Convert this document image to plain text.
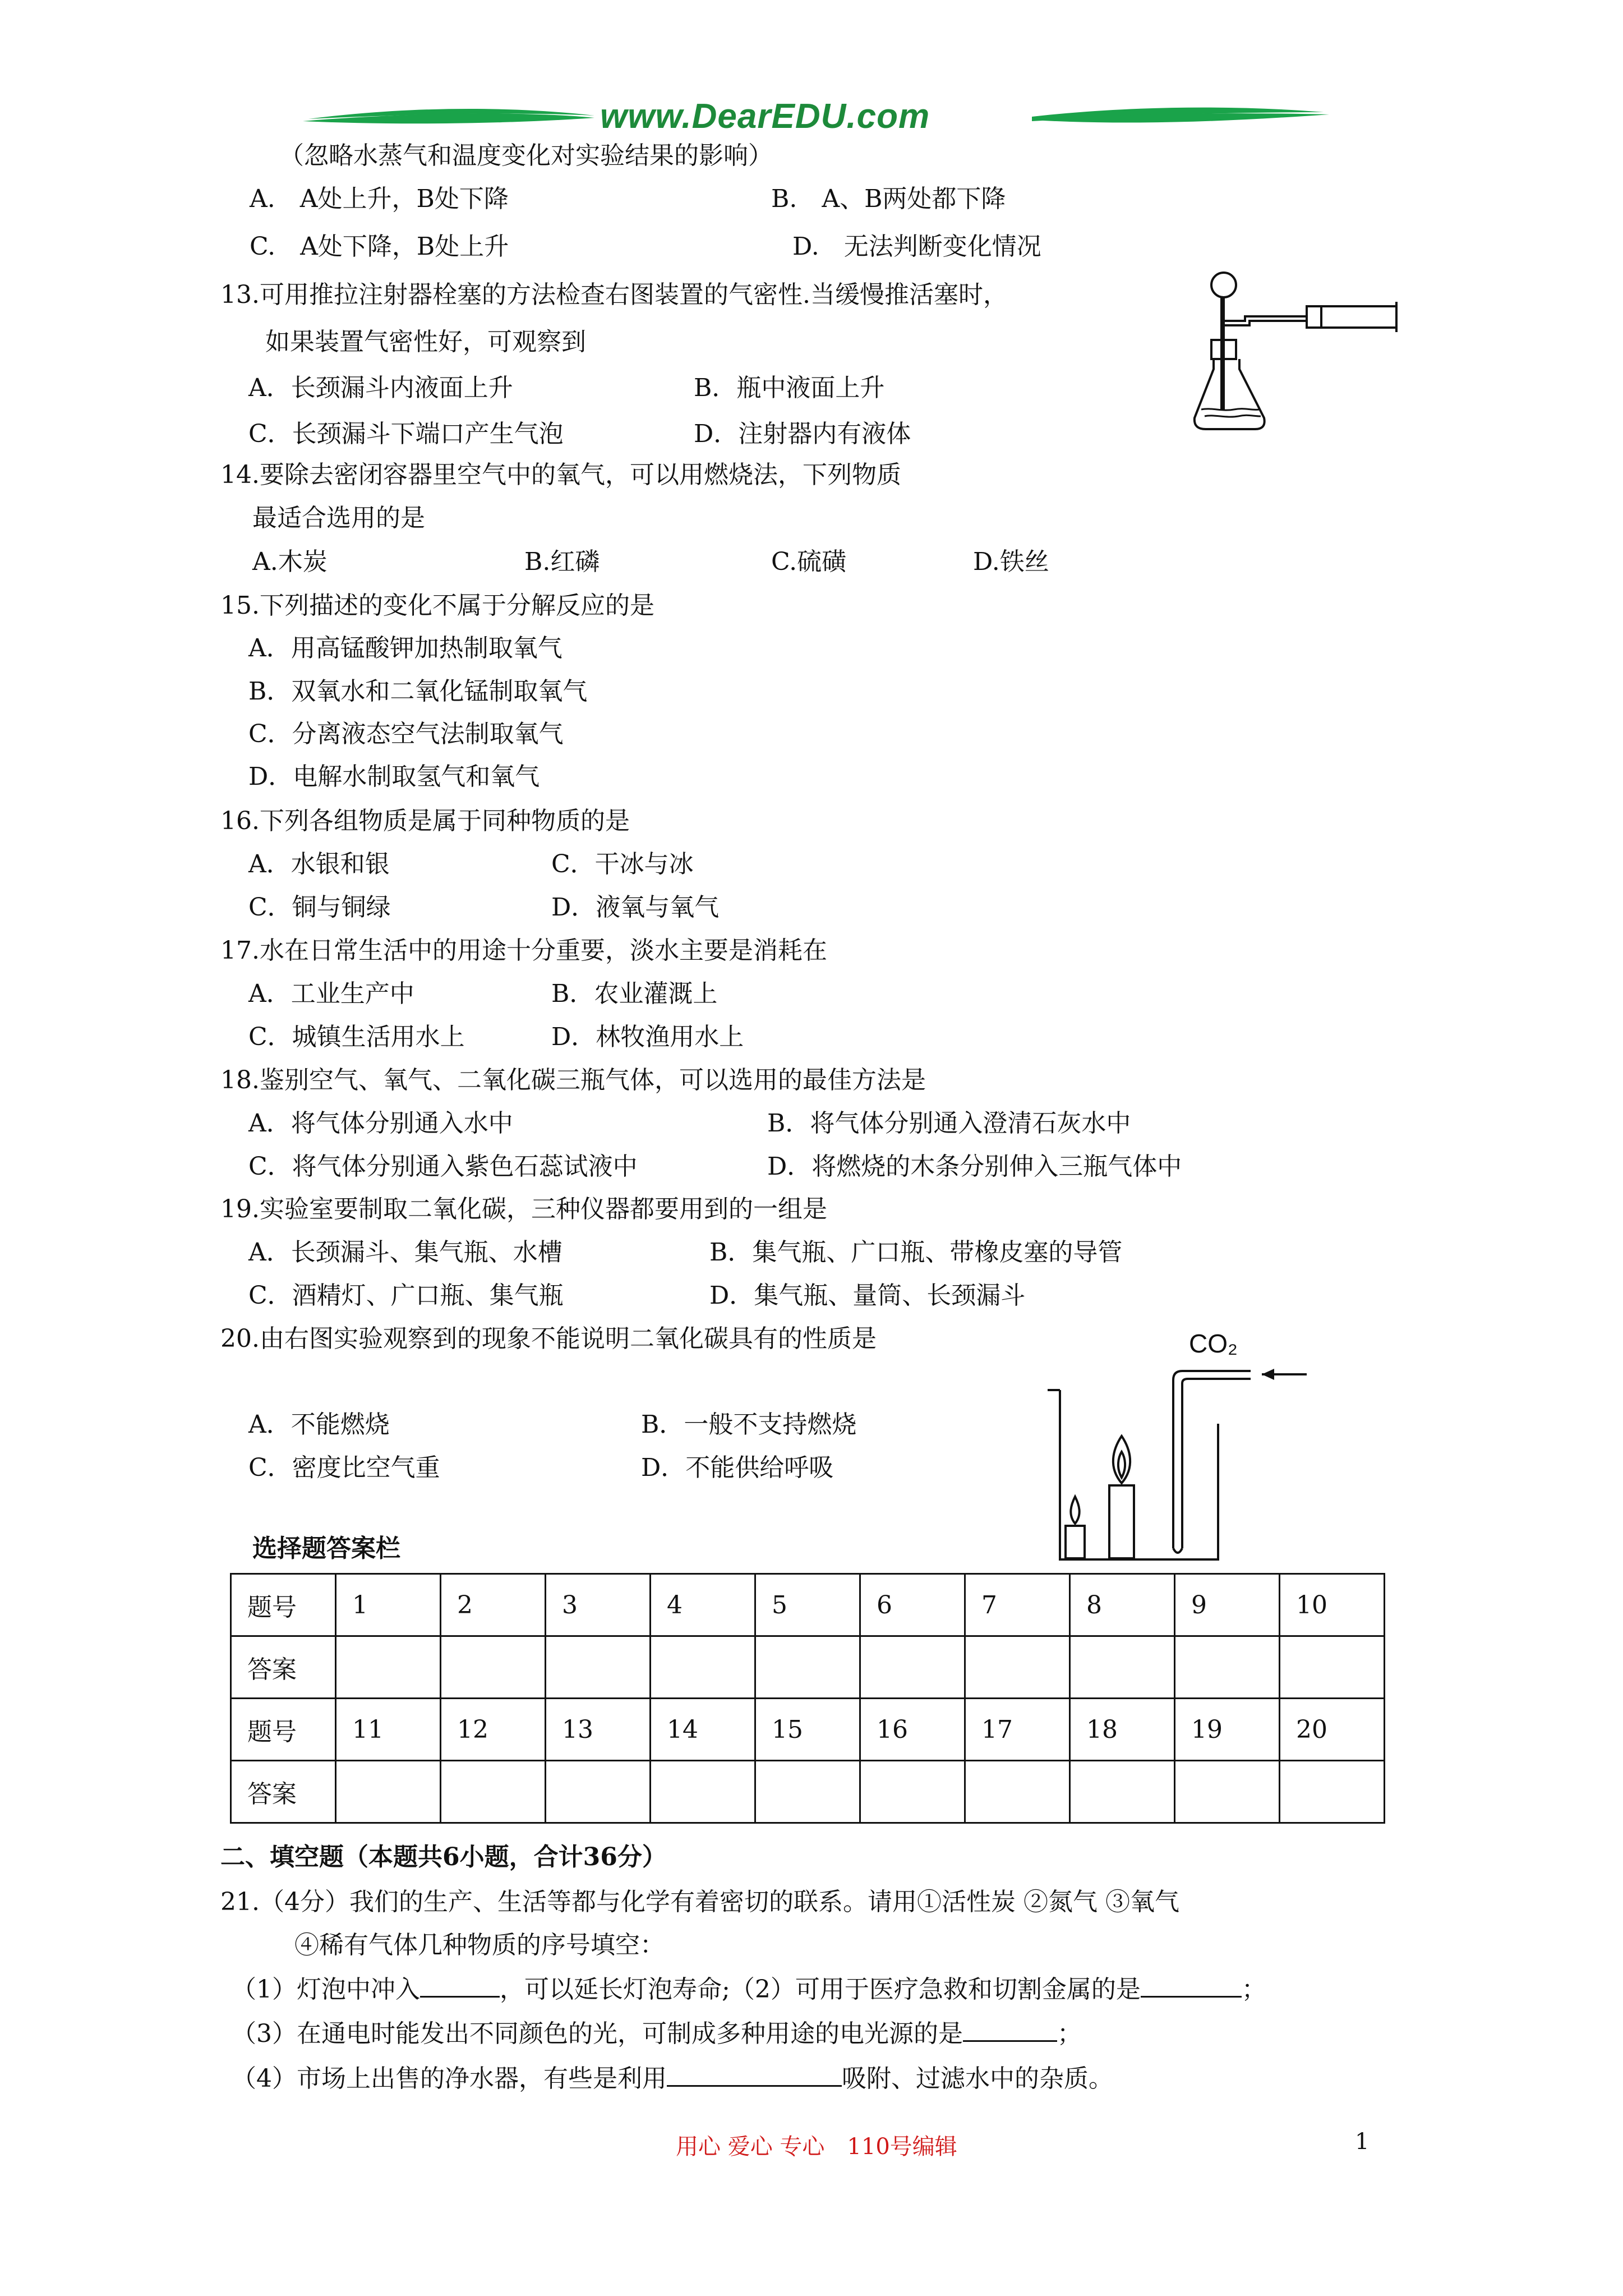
www.DearEDU.com
（忽略水蒸气和温度变化对实验结果的影响）
A.　A处上升，B处下降	B.　A、B两处都下降
C.　A处下降，B处上升	D.　无法判断变化情况
13.可用推拉注射器栓塞的方法检查右图装置的气密性.当缓慢推活塞时，
如果装置气密性好，可观察到
A．长颈漏斗内液面上升	B．瓶中液面上升
C．长颈漏斗下端口产生气泡	D．注射器内有液体
14.要除去密闭容器里空气中的氧气，可以用燃烧法，下列物质
最适合选用的是
A.木炭	B.红磷	C.硫磺	D.铁丝
15.下列描述的变化不属于分解反应的是
A．用高锰酸钾加热制取氧气
B．双氧水和二氧化锰制取氧气
C．分离液态空气法制取氧气
D．电解水制取氢气和氧气
16.下列各组物质是属于同种物质的是
A．水银和银	C．干冰与冰
C．铜与铜绿	D．液氧与氧气
17.水在日常生活中的用途十分重要，淡水主要是消耗在
A．工业生产中	B．农业灌溉上
C．城镇生活用水上	D．林牧渔用水上
18.鉴别空气、氧气、二氧化碳三瓶气体，可以选用的最佳方法是
A．将气体分别通入水中	B．将气体分别通入澄清石灰水中
C．将气体分别通入紫色石蕊试液中	D．将燃烧的木条分别伸入三瓶气体中
19.实验室要制取二氧化碳，三种仪器都要用到的一组是
A．长颈漏斗、集气瓶、水槽	B．集气瓶、广口瓶、带橡皮塞的导管
C．酒精灯、广口瓶、集气瓶	D．集气瓶、量筒、长颈漏斗
20.由右图实验观察到的现象不能说明二氧化碳具有的性质是
A．不能燃烧	B．一般不支持燃烧
C．密度比空气重	D．不能供给呼吸
CO₂
选择题答案栏
题号	1	2	3	4	5	6	7	8	9	10
答案										
题号	11	12	13	14	15	16	17	18	19	20
答案										
二、填空题（本题共6小题，合计36分）
21.（4分）我们的生产、生活等都与化学有着密切的联系。请用①活性炭 ②氮气 ③氧气
④稀有气体几种物质的序号填空：
（1）灯泡中冲入	，可以延长灯泡寿命;（2）可用于医疗急救和切割金属的是	；
（3）在通电时能发出不同颜色的光，可制成多种用途的电光源的是	；
（4）市场上出售的净水器，有些是利用	吸附、过滤水中的杂质。
用心 爱心 专心　110号编辑	1
